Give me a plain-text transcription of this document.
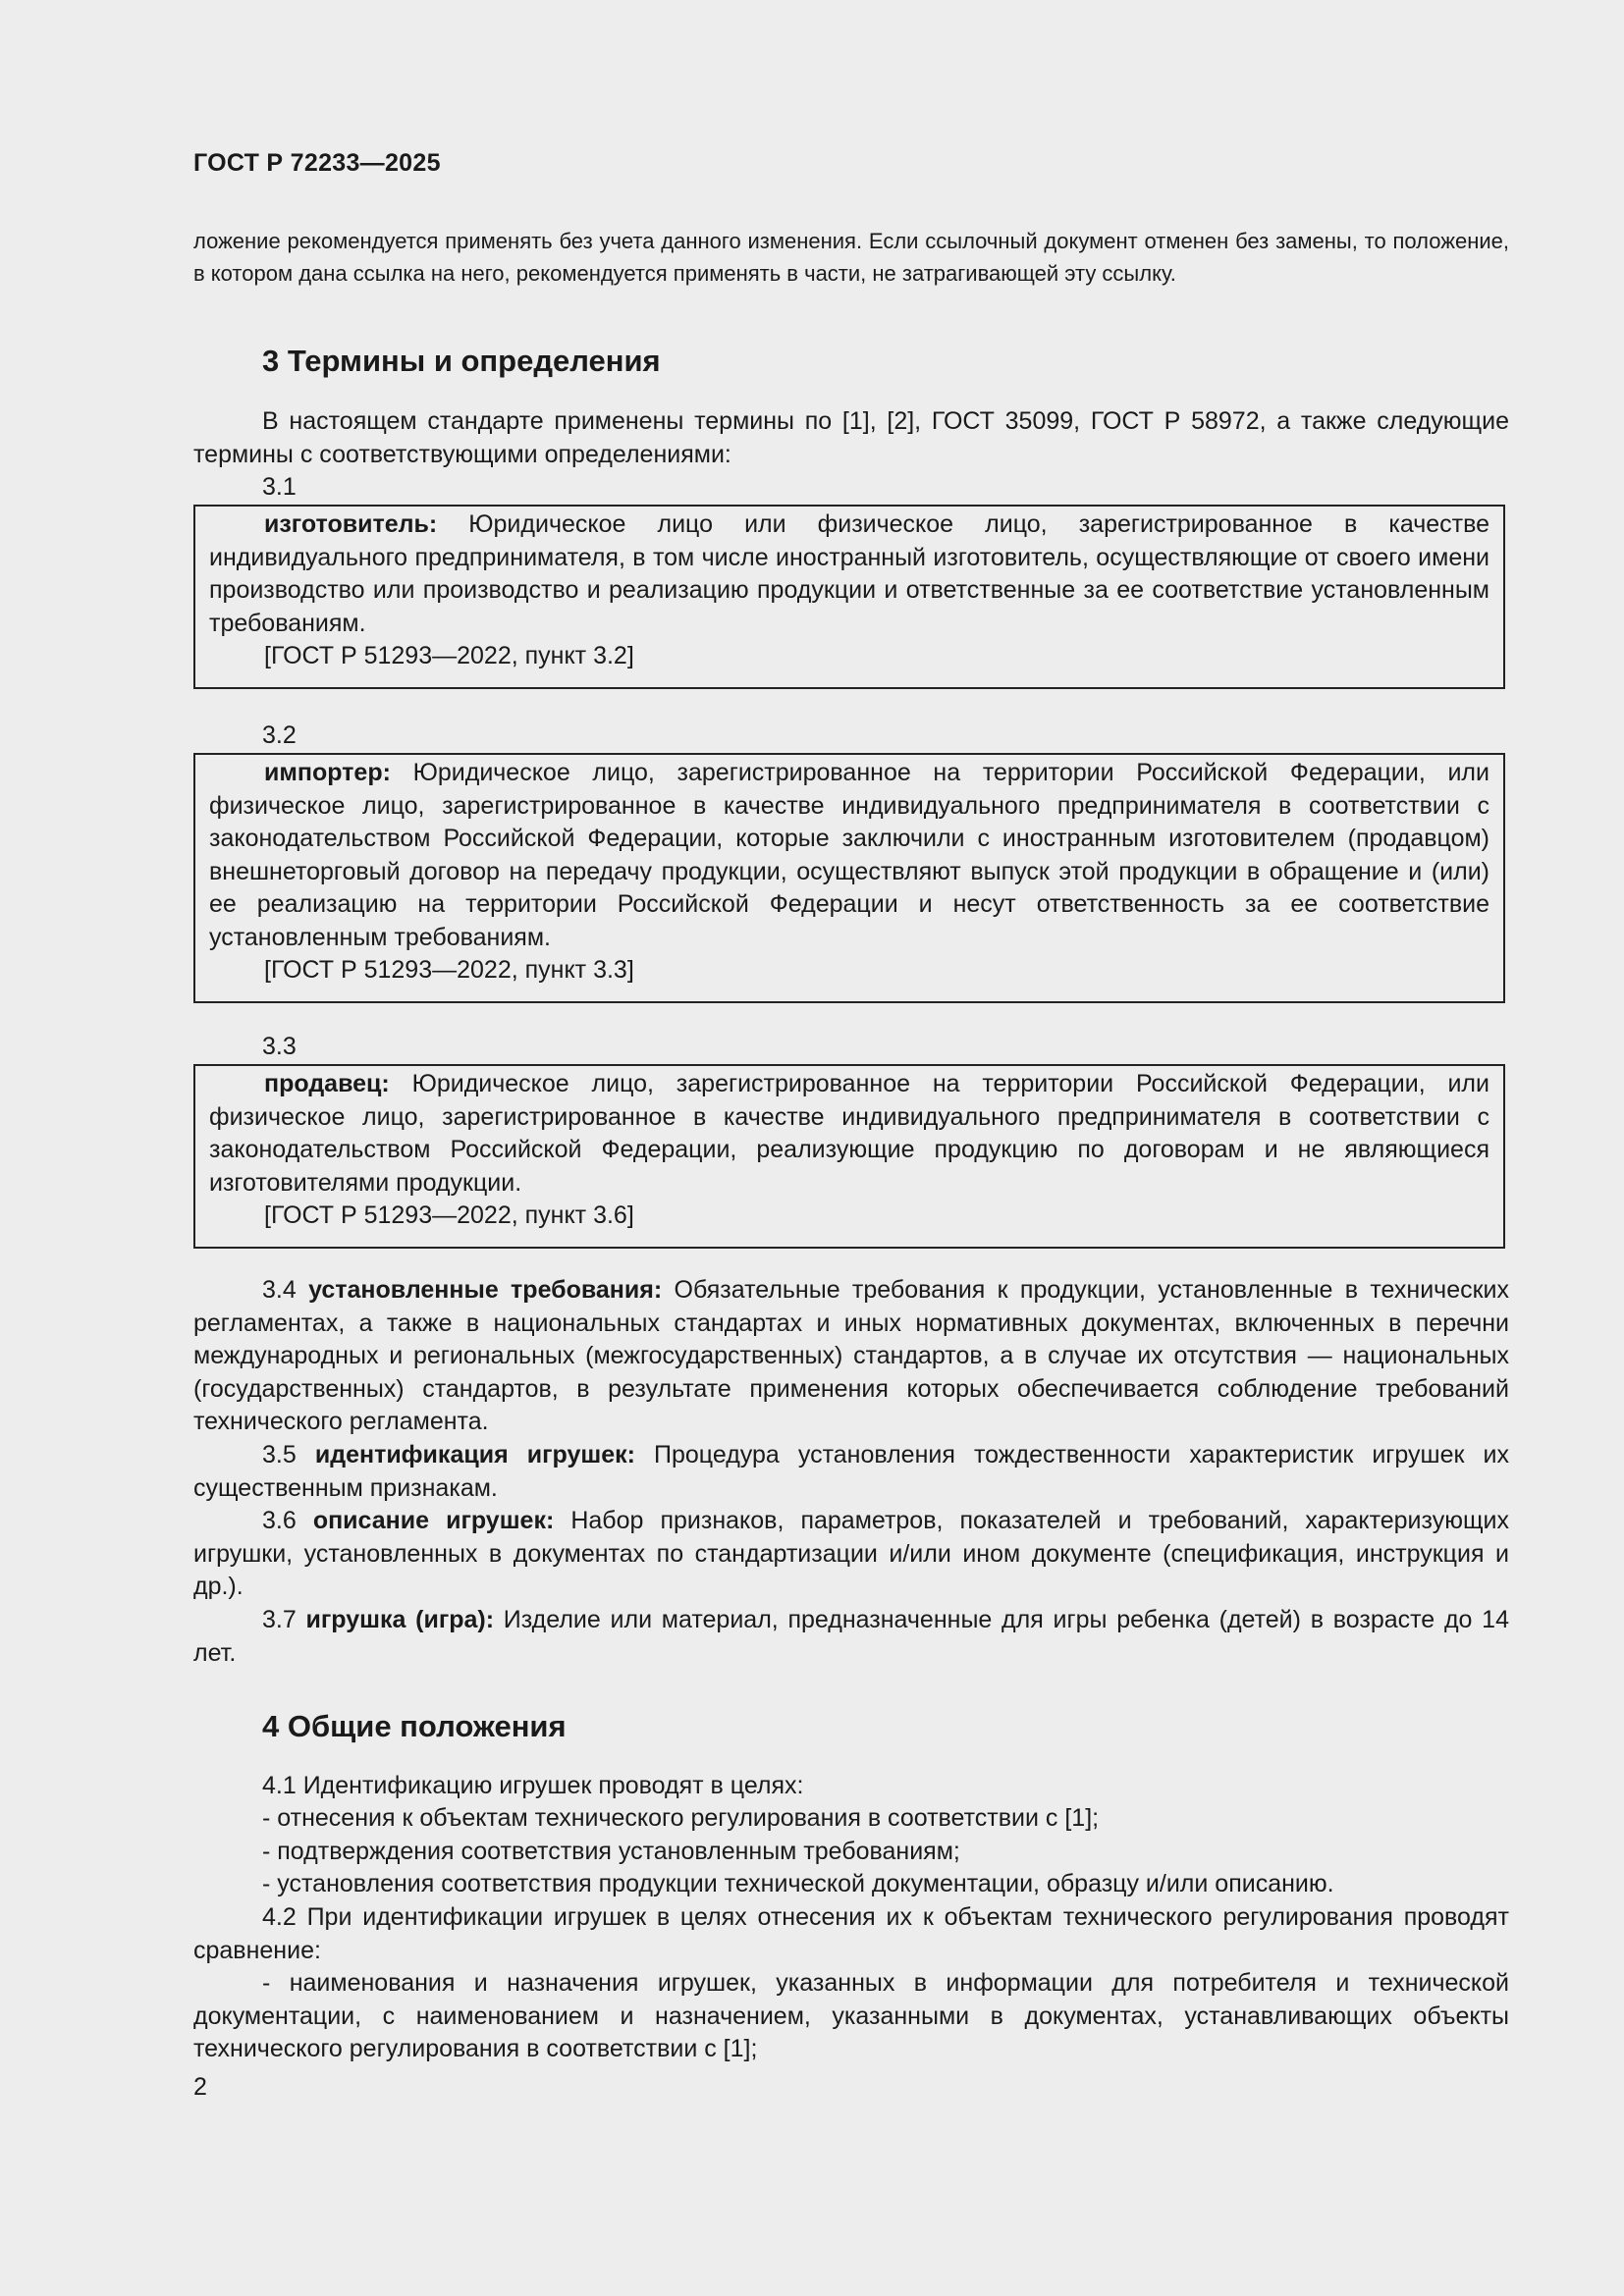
ГОСТ Р 72233—2025
ложение рекомендуется применять без учета данного изменения. Если ссылочный документ отменен без замены, то положение, в котором дана ссылка на него, рекомендуется применять в части, не затрагивающей эту ссылку.
3 Термины и определения
В настоящем стандарте применены термины по [1], [2], ГОСТ 35099, ГОСТ Р 58972, а также следующие термины с соответствующими определениями:
3.1
изготовитель: Юридическое лицо или физическое лицо, зарегистрированное в качестве индивидуального предпринимателя, в том числе иностранный изготовитель, осуществляющие от своего имени производство или производство и реализацию продукции и ответственные за ее соответствие установленным требованиям.
[ГОСТ Р 51293—2022, пункт 3.2]
3.2
импортер: Юридическое лицо, зарегистрированное на территории Российской Федерации, или физическое лицо, зарегистрированное в качестве индивидуального предпринимателя в соответствии с законодательством Российской Федерации, которые заключили с иностранным изготовителем (продавцом) внешнеторговый договор на передачу продукции, осуществляют выпуск этой продукции в обращение и (или) ее реализацию на территории Российской Федерации и несут ответственность за ее соответствие установленным требованиям.
[ГОСТ Р 51293—2022, пункт 3.3]
3.3
продавец: Юридическое лицо, зарегистрированное на территории Российской Федерации, или физическое лицо, зарегистрированное в качестве индивидуального предпринимателя в соответствии с законодательством Российской Федерации, реализующие продукцию по договорам и не являющиеся изготовителями продукции.
[ГОСТ Р 51293—2022, пункт 3.6]
3.4 установленные требования: Обязательные требования к продукции, установленные в технических регламентах, а также в национальных стандартах и иных нормативных документах, включенных в перечни международных и региональных (межгосударственных) стандартов, а в случае их отсутствия — национальных (государственных) стандартов, в результате применения которых обеспечивается соблюдение требований технического регламента.
3.5 идентификация игрушек: Процедура установления тождественности характеристик игрушек их существенным признакам.
3.6 описание игрушек: Набор признаков, параметров, показателей и требований, характеризующих игрушки, установленных в документах по стандартизации и/или ином документе (спецификация, инструкция и др.).
3.7 игрушка (игра): Изделие или материал, предназначенные для игры ребенка (детей) в возрасте до 14 лет.
4 Общие положения
4.1 Идентификацию игрушек проводят в целях:
- отнесения к объектам технического регулирования в соответствии с [1];
- подтверждения соответствия установленным требованиям;
- установления соответствия продукции технической документации, образцу и/или описанию.
4.2 При идентификации игрушек в целях отнесения их к объектам технического регулирования проводят сравнение:
- наименования и назначения игрушек, указанных в информации для потребителя и технической документации, с наименованием и назначением, указанными в документах, устанавливающих объекты технического регулирования в соответствии с [1];
2
